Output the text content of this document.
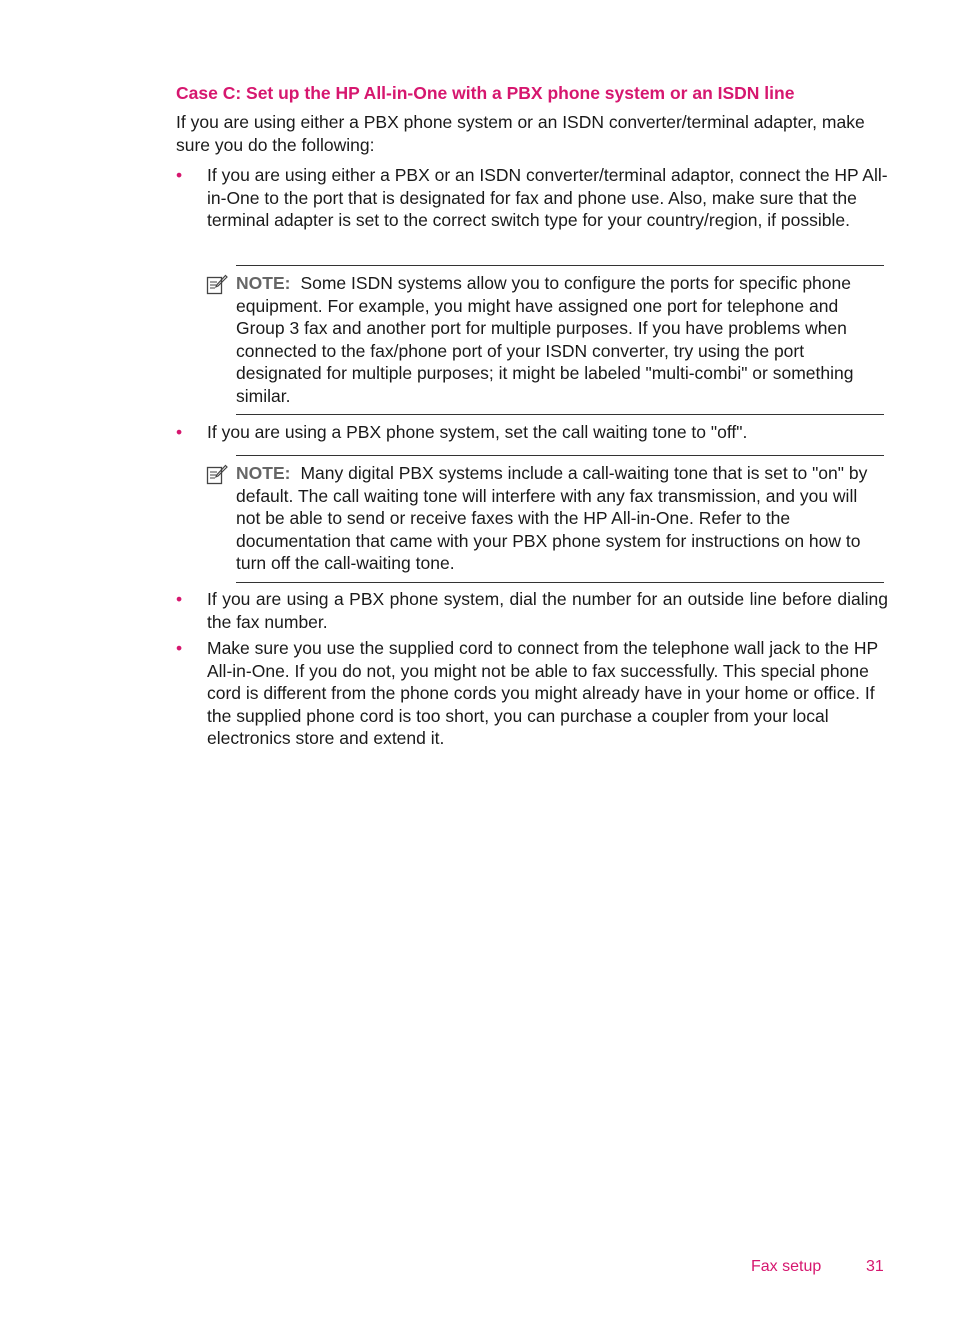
Case C: Set up the HP All-in-One with a PBX phone system or an ISDN line

If you are using either a PBX phone system or an ISDN converter/terminal adapter, make sure you do the following:

• If you are using either a PBX or an ISDN converter/terminal adaptor, connect the HP All-in-One to the port that is designated for fax and phone use. Also, make sure that the terminal adapter is set to the correct switch type for your country/region, if possible.

NOTE: Some ISDN systems allow you to configure the ports for specific phone equipment. For example, you might have assigned one port for telephone and Group 3 fax and another port for multiple purposes. If you have problems when connected to the fax/phone port of your ISDN converter, try using the port designated for multiple purposes; it might be labeled "multi-combi" or something similar.

• If you are using a PBX phone system, set the call waiting tone to "off".

NOTE: Many digital PBX systems include a call-waiting tone that is set to "on" by default. The call waiting tone will interfere with any fax transmission, and you will not be able to send or receive faxes with the HP All-in-One. Refer to the documentation that came with your PBX phone system for instructions on how to turn off the call-waiting tone.

• If you are using a PBX phone system, dial the number for an outside line before dialing the fax number.

• Make sure you use the supplied cord to connect from the telephone wall jack to the HP All-in-One. If you do not, you might not be able to fax successfully. This special phone cord is different from the phone cords you might already have in your home or office. If the supplied phone cord is too short, you can purchase a coupler from your local electronics store and extend it.

Fax setup	31
